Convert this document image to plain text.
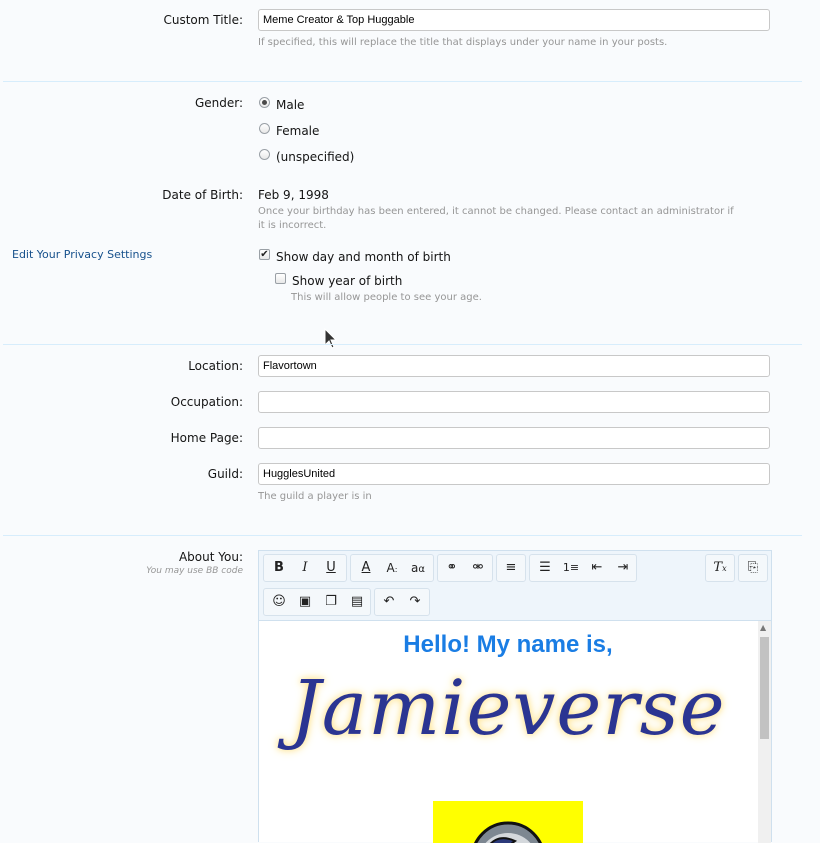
Custom Title:	Meme Creator & Top Huggable
If specified, this will replace the title that displays under your name in your posts.
Gender:	Male
Female
(unspecified)
Date of Birth: Feb 9, 1998
Once your birthday has been entered, it cannot be changed. Please contact an administrator if it is incorrect.
Edit Your Privacy Settings	✔ Show day and month of birth
Show year of birth
This will allow people to see your age.
Location:	Flavortown
Occupation:
Home Page:
Guild:	HugglesUnited
The guild a player is in
About You:
You may use BB code	B	I	U	A	A:	aα	⚭	⚮	≡	☰	1≡ ⇤	⇥	Tx	⎘
☺	▣	❐	▤	↶	↷
Hello! My name is,
Jamieverse
▲
